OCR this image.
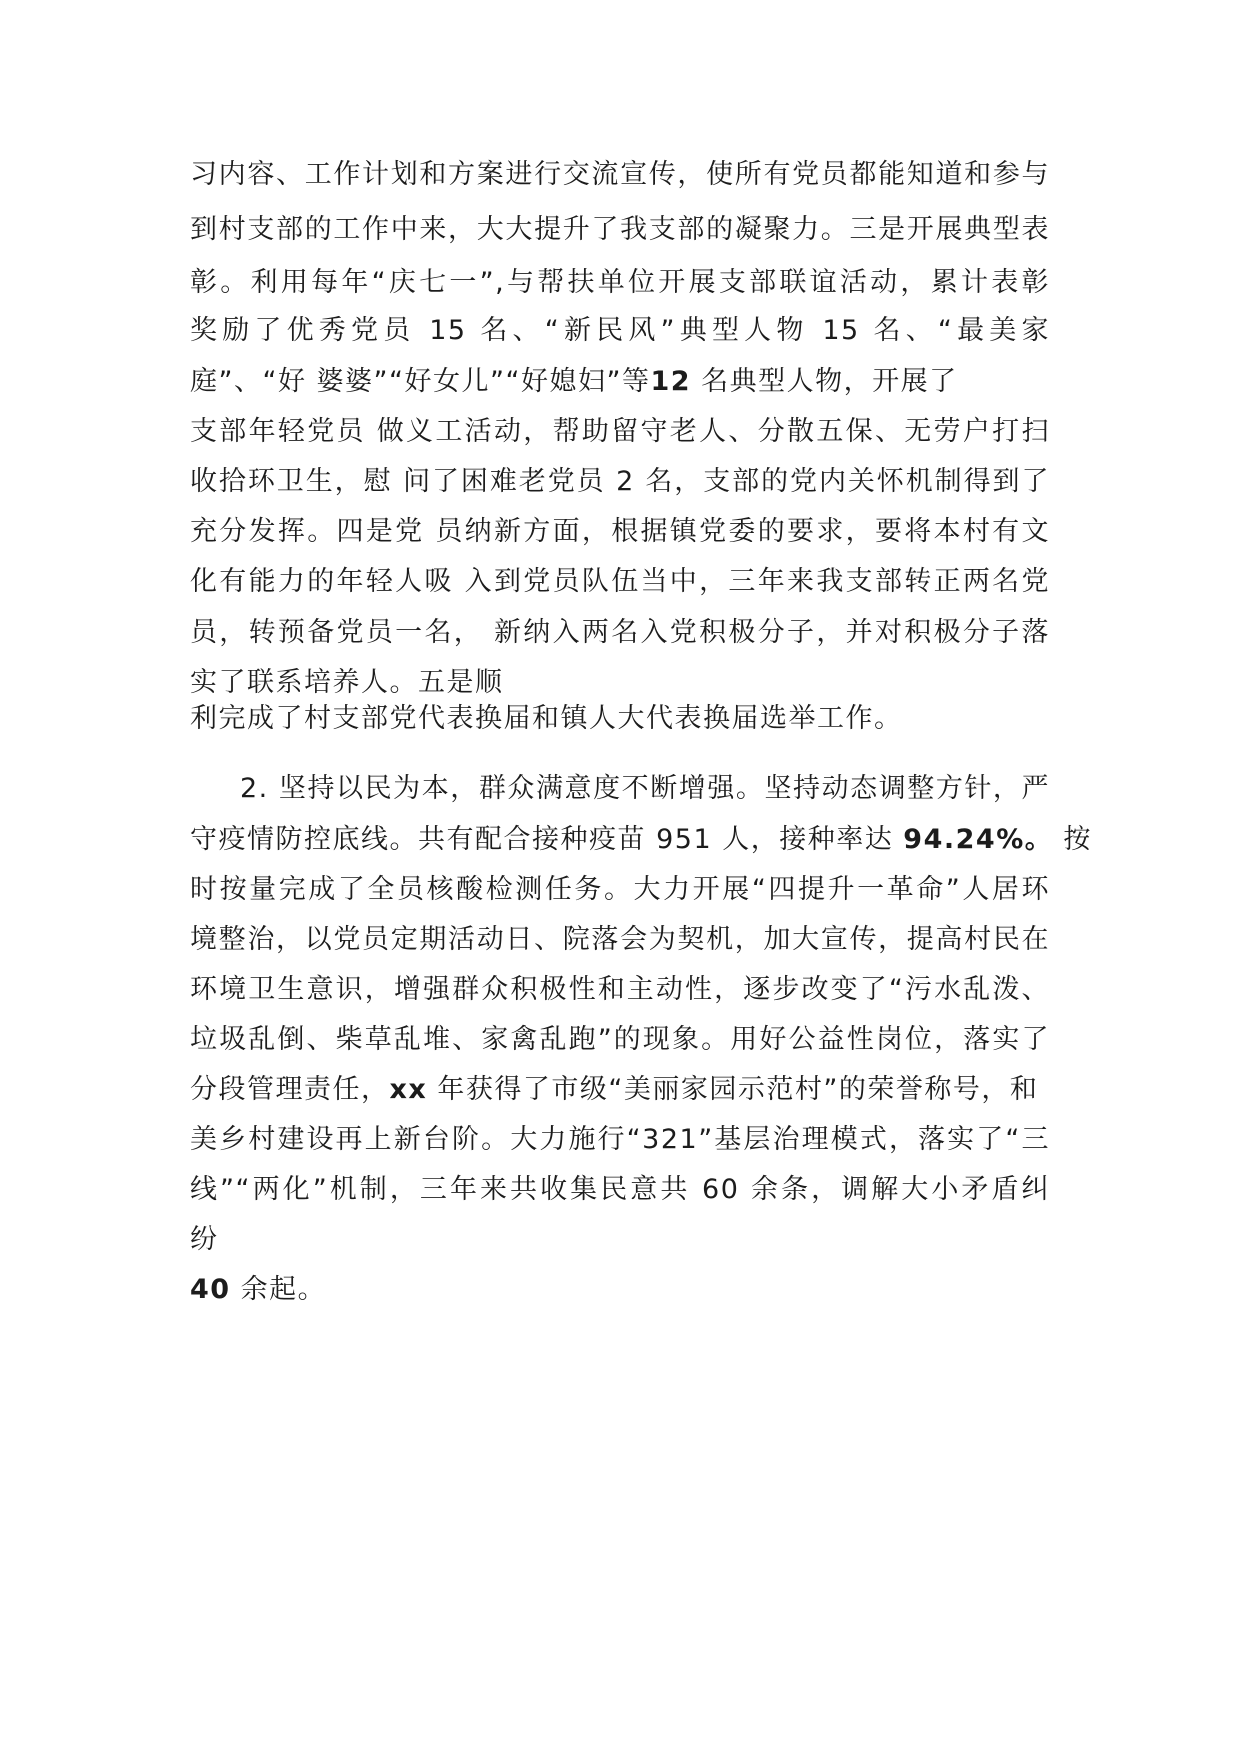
习内容、工作计划和方案进行交流宣传，使所有党员都能知道和参与
到村支部的工作中来，大大提升了我支部的凝聚力。三是开展典型表
彰。利用每年“庆七一”,与帮扶单位开展支部联谊活动，累计表彰
奖励了优秀党员 15 名、“新民风”典型人物 15 名、“最美家
庭”、“好 婆婆”“好女儿”“好媳妇”等12 名典型人物，开展了
支部年轻党员 做义工活动，帮助留守老人、分散五保、无劳户打扫
收拾环卫生，慰 问了困难老党员 2 名，支部的党内关怀机制得到了
充分发挥。四是党 员纳新方面，根据镇党委的要求，要将本村有文
化有能力的年轻人吸 入到党员队伍当中，三年来我支部转正两名党
员，转预备党员一名， 新纳入两名入党积极分子，并对积极分子落
实了联系培养人。五是顺
利完成了村支部党代表换届和镇人大代表换届选举工作。
2. 坚持以民为本，群众满意度不断增强。坚持动态调整方针，严
守疫情防控底线。共有配合接种疫苗 951 人，接种率达 94.24%。 按
时按量完成了全员核酸检测任务。大力开展“四提升一革命”人居环
境整治，以党员定期活动日、院落会为契机，加大宣传，提高村民在
环境卫生意识，增强群众积极性和主动性，逐步改变了“污水乱泼、
垃圾乱倒、柴草乱堆、家禽乱跑”的现象。用好公益性岗位，落实了
分段管理责任，xx 年获得了市级“美丽家园示范村”的荣誉称号，和
美乡村建设再上新台阶。大力施行“321”基层治理模式，落实了“三
线”“两化”机制，三年来共收集民意共 60 余条，调解大小矛盾纠
纷
40 余起。
